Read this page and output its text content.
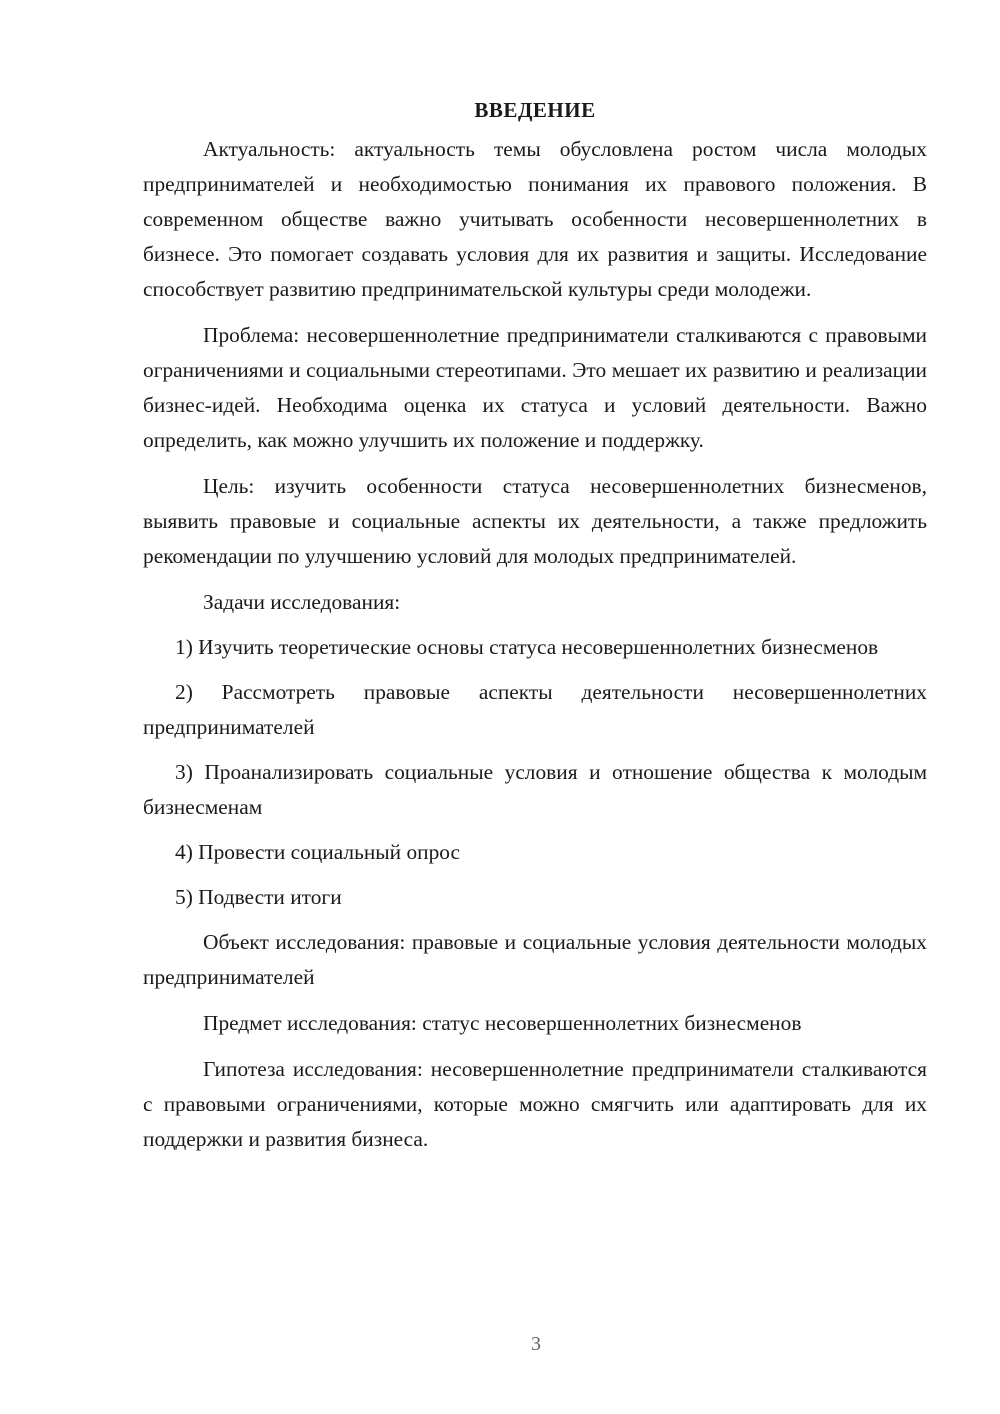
ВВЕДЕНИЕ

Актуальность: актуальность темы обусловлена ростом числа молодых предпринимателей и необходимостью понимания их правового положения. В современном обществе важно учитывать особенности несовершеннолетних в бизнесе. Это помогает создавать условия для их развития и защиты. Исследование способствует развитию предпринимательской культуры среди молодежи.

Проблема: несовершеннолетние предприниматели сталкиваются с правовыми ограничениями и социальными стереотипами. Это мешает их развитию и реализации бизнес-идей. Необходима оценка их статуса и условий деятельности. Важно определить, как можно улучшить их положение и поддержку.

Цель: изучить особенности статуса несовершеннолетних бизнесменов, выявить правовые и социальные аспекты их деятельности, а также предложить рекомендации по улучшению условий для молодых предпринимателей.

Задачи исследования:

1) Изучить теоретические основы статуса несовершеннолетних бизнесменов

2) Рассмотреть правовые аспекты деятельности несовершеннолетних предпринимателей

3) Проанализировать социальные условия и отношение общества к молодым бизнесменам

4) Провести социальный опрос

5) Подвести итоги

Объект исследования: правовые и социальные условия деятельности молодых предпринимателей

Предмет исследования: статус несовершеннолетних бизнесменов

Гипотеза исследования: несовершеннолетние предприниматели сталкиваются с правовыми ограничениями, которые можно смягчить или адаптировать для их поддержки и развития бизнеса.

3
